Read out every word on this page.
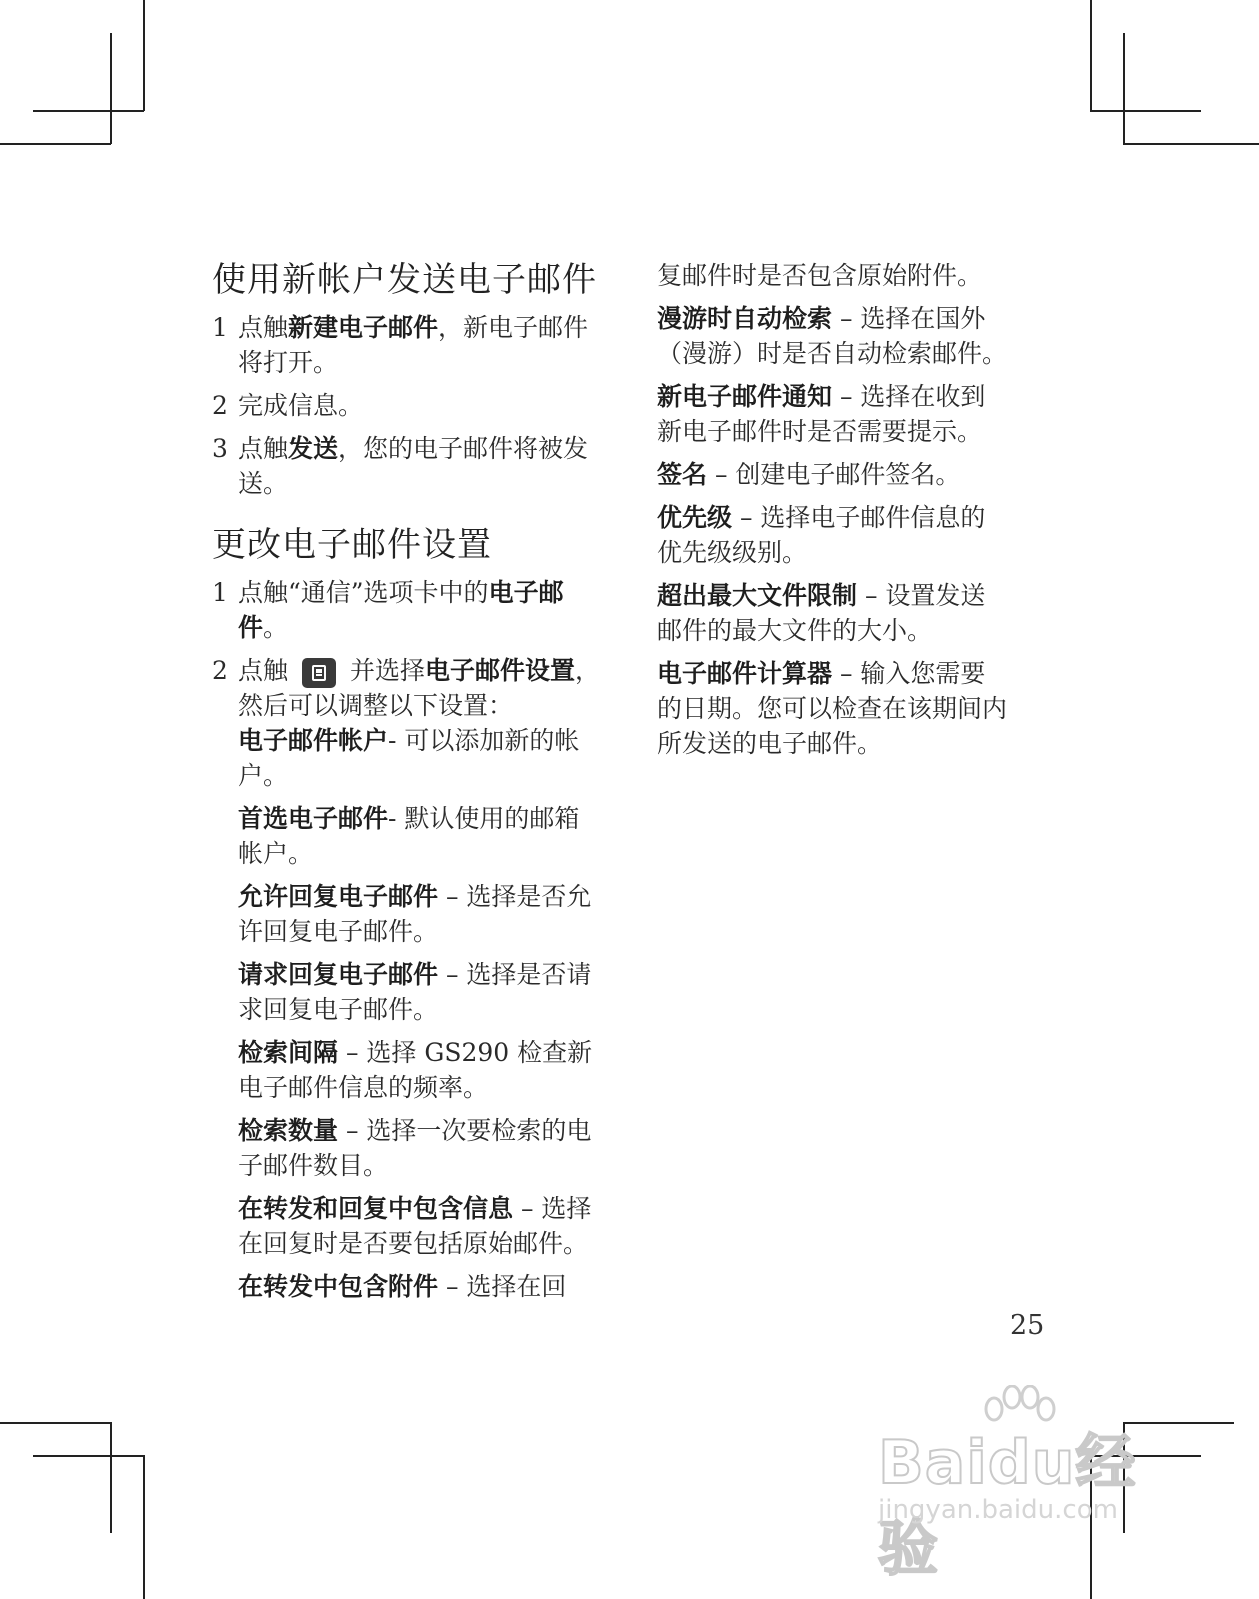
使用新帐户发送电子邮件
1 点触新建电子邮件，新电子邮件将打开。
2 完成信息。
3 点触发送，您的电子邮件将被发送。
更改电子邮件设置
1 点触“通信”选项卡中的电子邮件。
2 点触 并选择电子邮件设置，然后可以调整以下设置：
电子邮件帐户- 可以添加新的帐户。
首选电子邮件- 默认使用的邮箱帐户。
允许回复电子邮件 – 选择是否允许回复电子邮件。
请求回复电子邮件 – 选择是否请求回复电子邮件。
检索间隔 – 选择 GS290 检查新电子邮件信息的频率。
检索数量 – 选择一次要检索的电子邮件数目。
在转发和回复中包含信息 – 选择在回复时是否要包括原始邮件。
在转发中包含附件 – 选择在回
复邮件时是否包含原始附件。
漫游时自动检索 – 选择在国外（漫游）时是否自动检索邮件。
新电子邮件通知 – 选择在收到新电子邮件时是否需要提示。
签名 – 创建电子邮件签名。
优先级 – 选择电子邮件信息的优先级级别。
超出最大文件限制 – 设置发送邮件的最大文件的大小。
电子邮件计算器 – 输入您需要的日期。您可以检查在该期间内所发送的电子邮件。
25
Baidu经验
jingyan.baidu.com
